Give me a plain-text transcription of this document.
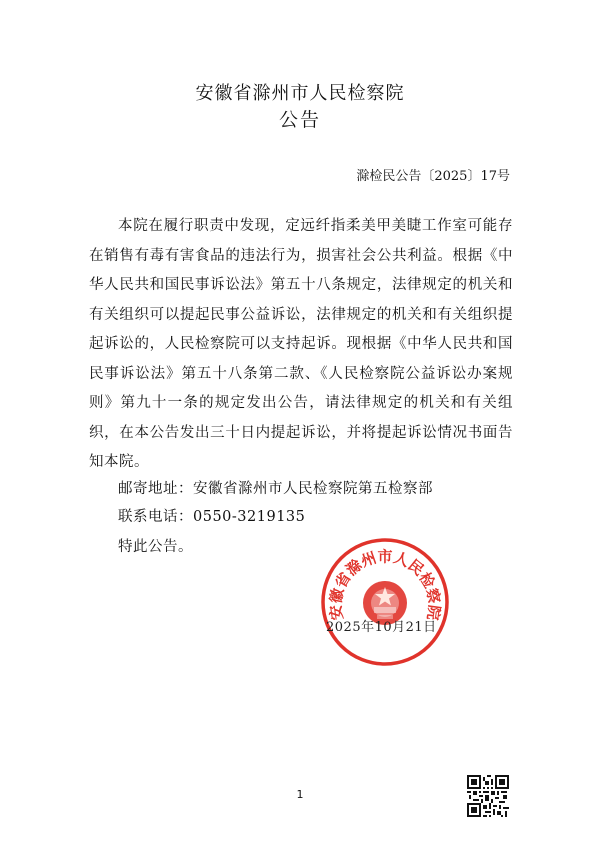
安徽省滁州市人民检察院
公告
滁检民公告〔2025〕17号
本院在履行职责中发现，定远纤指柔美甲美睫工作室可能存在销售有毒有害食品的违法行为，损害社会公共利益。根据《中华人民共和国民事诉讼法》第五十八条规定，法律规定的机关和有关组织可以提起民事公益诉讼，法律规定的机关和有关组织提起诉讼的，人民检察院可以支持起诉。现根据《中华人民共和国民事诉讼法》第五十八条第二款、《人民检察院公益诉讼办案规则》第九十一条的规定发出公告，请法律规定的机关和有关组织，在本公告发出三十日内提起诉讼，并将提起诉讼情况书面告知本院。
邮寄地址：安徽省滁州市人民检察院第五检察部
联系电话：0550-3219135
特此公告。
安徽省滁州市人民检察院
2025年10月21日
1
